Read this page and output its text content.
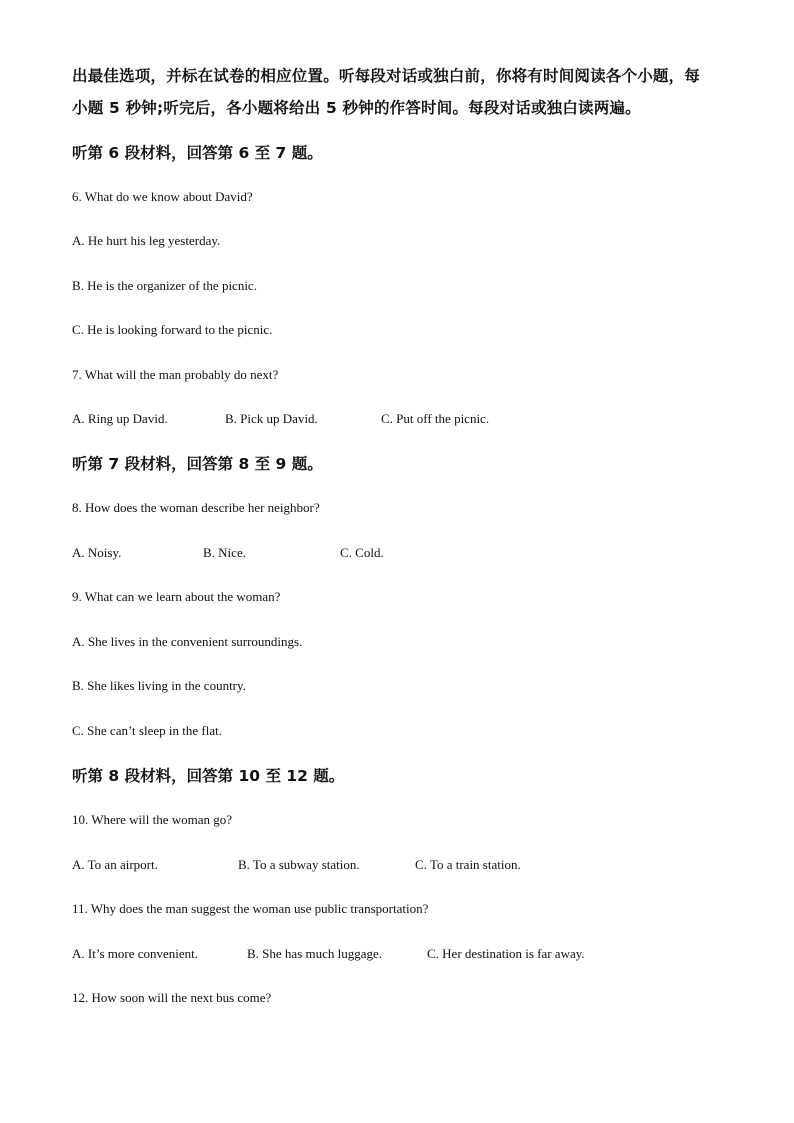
出最佳选项，并标在试卷的相应位置。听每段对话或独白前，你将有时间阅读各个小题，每
小题 5 秒钟;听完后，各小题将给出 5 秒钟的作答时间。每段对话或独白读两遍。
听第 6 段材料，回答第 6 至 7 题。
6. What do we know about David?
A. He hurt his leg yesterday.
B. He is the organizer of the picnic.
C. He is looking forward to the picnic.
7. What will the man probably do next?
A. Ring up David.	B. Pick up David.	C. Put off the picnic.
听第 7 段材料，回答第 8 至 9 题。
8. How does the woman describe her neighbor?
A. Noisy.	B. Nice.	C. Cold.
9. What can we learn about the woman?
A. She lives in the convenient surroundings.
B. She likes living in the country.
C. She can’t sleep in the flat.
听第 8 段材料，回答第 10 至 12 题。
10. Where will the woman go?
A. To an airport.	B. To a subway station.	C. To a train station.
11. Why does the man suggest the woman use public transportation?
A. It’s more convenient.	B. She has much luggage.	C. Her destination is far away.
12. How soon will the next bus come?
